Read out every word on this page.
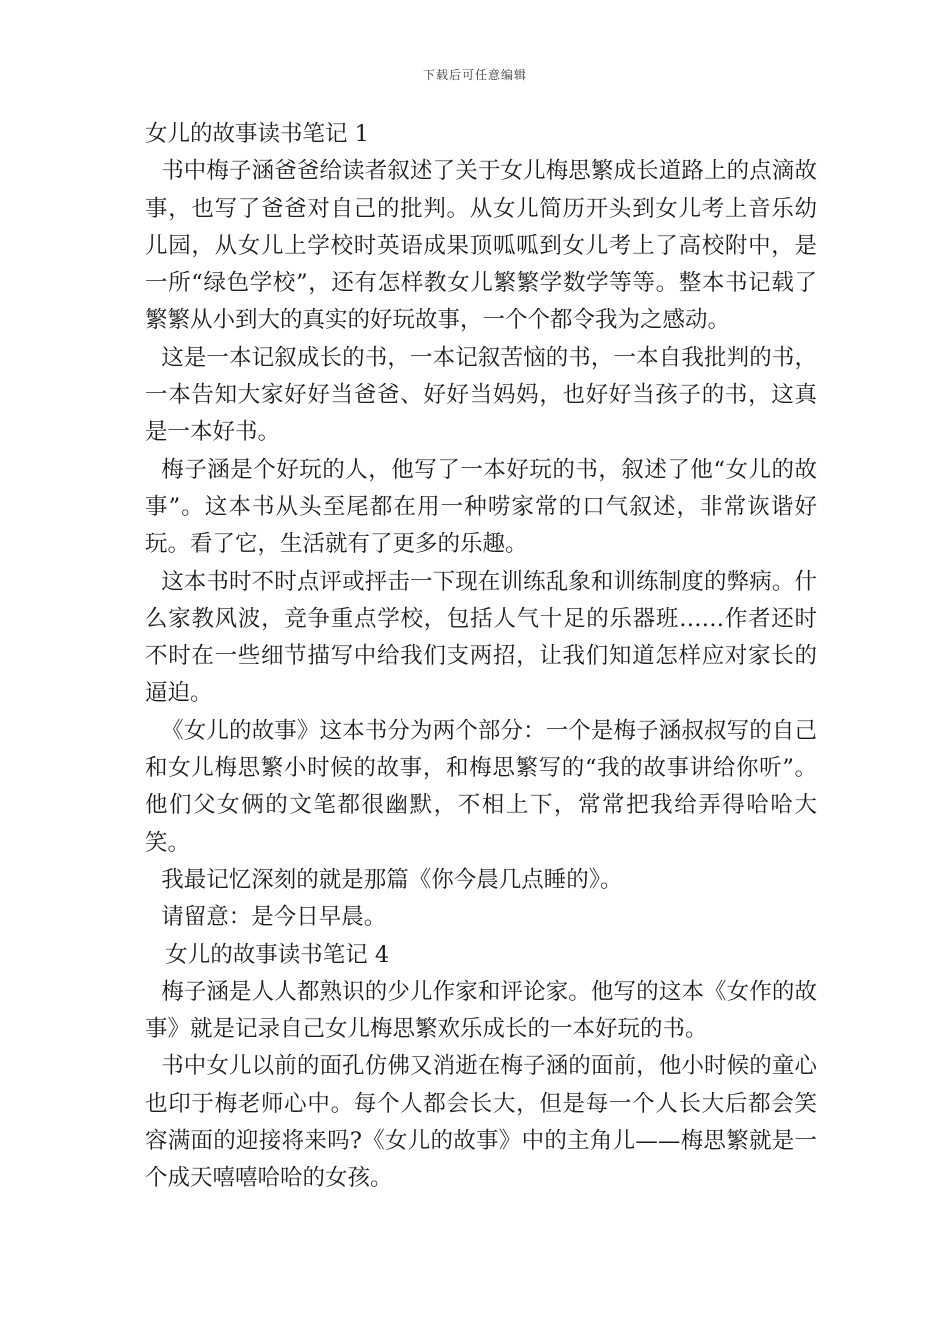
下载后可任意编辑

女儿的故事读书笔记 1

书中梅子涵爸爸给读者叙述了关于女儿梅思繁成长道路上的点滴故事，也写了爸爸对自己的批判。从女儿简历开头到女儿考上音乐幼儿园，从女儿上学校时英语成果顶呱呱到女儿考上了高校附中，是一所“绿色学校”，还有怎样教女儿繁繁学数学等等。整本书记载了繁繁从小到大的真实的好玩故事，一个个都令我为之感动。

这是一本记叙成长的书，一本记叙苦恼的书，一本自我批判的书，一本告知大家好好当爸爸、好好当妈妈，也好好当孩子的书，这真是一本好书。

梅子涵是个好玩的人，他写了一本好玩的书，叙述了他“女儿的故事”。这本书从头至尾都在用一种唠家常的口气叙述，非常诙谐好玩。看了它，生活就有了更多的乐趣。

这本书时不时点评或抨击一下现在训练乱象和训练制度的弊病。什么家教风波，竞争重点学校，包括人气十足的乐器班……作者还时不时在一些细节描写中给我们支两招，让我们知道怎样应对家长的逼迫。

《女儿的故事》这本书分为两个部分：一个是梅子涵叔叔写的自己和女儿梅思繁小时候的故事，和梅思繁写的“我的故事讲给你听”。他们父女俩的文笔都很幽默，不相上下，常常把我给弄得哈哈大笑。

我最记忆深刻的就是那篇《你今晨几点睡的》。

请留意：是今日早晨。

女儿的故事读书笔记 4

梅子涵是人人都熟识的少儿作家和评论家。他写的这本《女作的故事》就是记录自己女儿梅思繁欢乐成长的一本好玩的书。

书中女儿以前的面孔仿佛又消逝在梅子涵的面前，他小时候的童心也印于梅老师心中。每个人都会长大，但是每一个人长大后都会笑容满面的迎接将来吗?《女儿的故事》中的主角儿——梅思繁就是一个成天嘻嘻哈哈的女孩。
